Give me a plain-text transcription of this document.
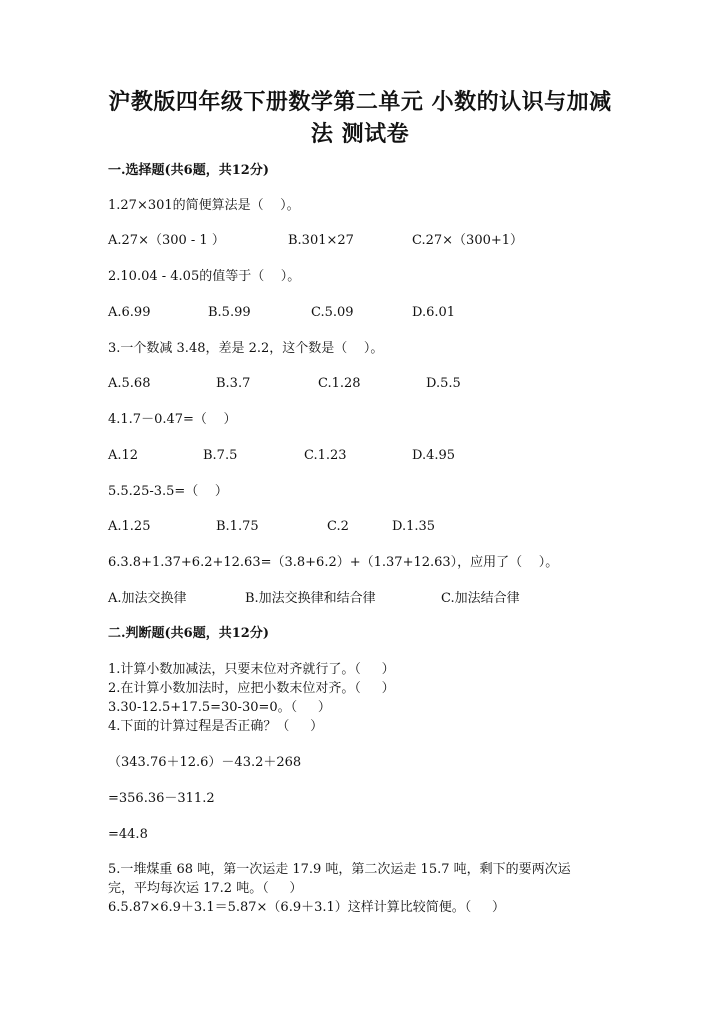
沪教版四年级下册数学第二单元 小数的认识与加减
法 测试卷
一.选择题(共6题，共12分)
1.27×301的简便算法是（    ）。
A.27×（300 - 1 ）	B.301×27	C.27×（300+1）
2.10.04 - 4.05的值等于（    ）。
A.6.99	B.5.99	C.5.09	D.6.01
3.一个数减 3.48，差是 2.2，这个数是（    ）。
A.5.68	B.3.7	C.1.28	D.5.5
4.1.7－0.47=（    ）
A.12	B.7.5	C.1.23	D.4.95
5.5.25-3.5=（    ）
A.1.25	B.1.75	C.2	D.1.35
6.3.8+1.37+6.2+12.63=（3.8+6.2）+（1.37+12.63），应用了（    ）。
A.加法交换律	B.加法交换律和结合律	C.加法结合律
二.判断题(共6题，共12分)
1.计算小数加减法，只要末位对齐就行了。（     ）
2.在计算小数加法时，应把小数末位对齐。（     ）
3.30-12.5+17.5=30-30=0。（     ）
4.下面的计算过程是否正确？（     ）
（343.76＋12.6）－43.2＋268
=356.36－311.2
=44.8
5.一堆煤重 68 吨，第一次运走 17.9 吨，第二次运走 15.7 吨，剩下的要两次运
完，平均每次运 17.2 吨。（     ）
6.5.87×6.9＋3.1＝5.87×（6.9＋3.1）这样计算比较简便。（     ）
